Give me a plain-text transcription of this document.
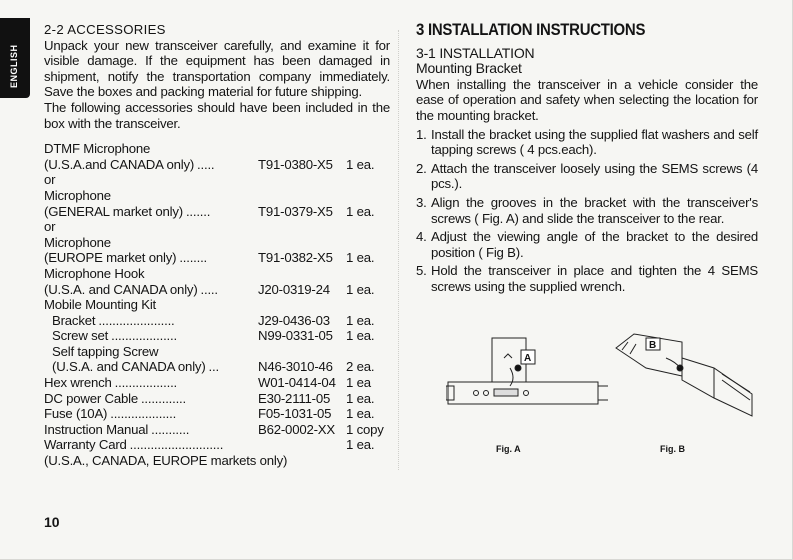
ENGLISH

2-2 ACCESSORIES

Unpack your new transceiver carefully, and examine it for visible damage. If the equipment has been damaged in shipment, notify the transportation company immediately. Save the boxes and packing material for future shipping.

The following accessories should have been included in the box with the transceiver.

DTMF Microphone
(U.S.A.and CANADA only) .....	T91-0380-X5	1 ea.
or
Microphone
(GENERAL market only) .......	T91-0379-X5	1 ea.
or
Microphone
(EUROPE market only) ........	T91-0382-X5	1 ea.
Microphone Hook
(U.S.A. and CANADA only) .....	J20-0319-24	1 ea.
Mobile Mounting Kit
Bracket ......................	J29-0436-03	1 ea.
Screw set ...................	N99-0331-05	1 ea.
Self tapping Screw
(U.S.A. and CANADA only) ...	N46-3010-46	2 ea.
Hex wrench ..................	W01-0414-04 1 ea
DC power Cable .............	E30-2111-05	1 ea.
Fuse (10A) ...................	F05-1031-05	1 ea.
Instruction Manual ...........	B62-0002-XX 1 copy
Warranty Card ...........................	1 ea.
(U.S.A., CANADA, EUROPE markets only)
10
3 INSTALLATION INSTRUCTIONS

3-1 INSTALLATION

Mounting Bracket

When installing the transceiver in a vehicle consider the ease of operation and safety when selecting the location for the mounting bracket.

1. Install the bracket using the supplied flat washers and self tapping screws ( 4 pcs.each).
2. Attach the transceiver loosely using the SEMS screws (4 pcs.).
3. Align the grooves in the bracket with the transceiver's screws ( Fig. A) and slide the transceiver to the rear.
4. Adjust the viewing angle of the bracket to the desired position ( Fig B).
5. Hold the transceiver in place and tighten the 4 SEMS screws using the supplied wrench.
A
B
Fig. A	Fig. B
